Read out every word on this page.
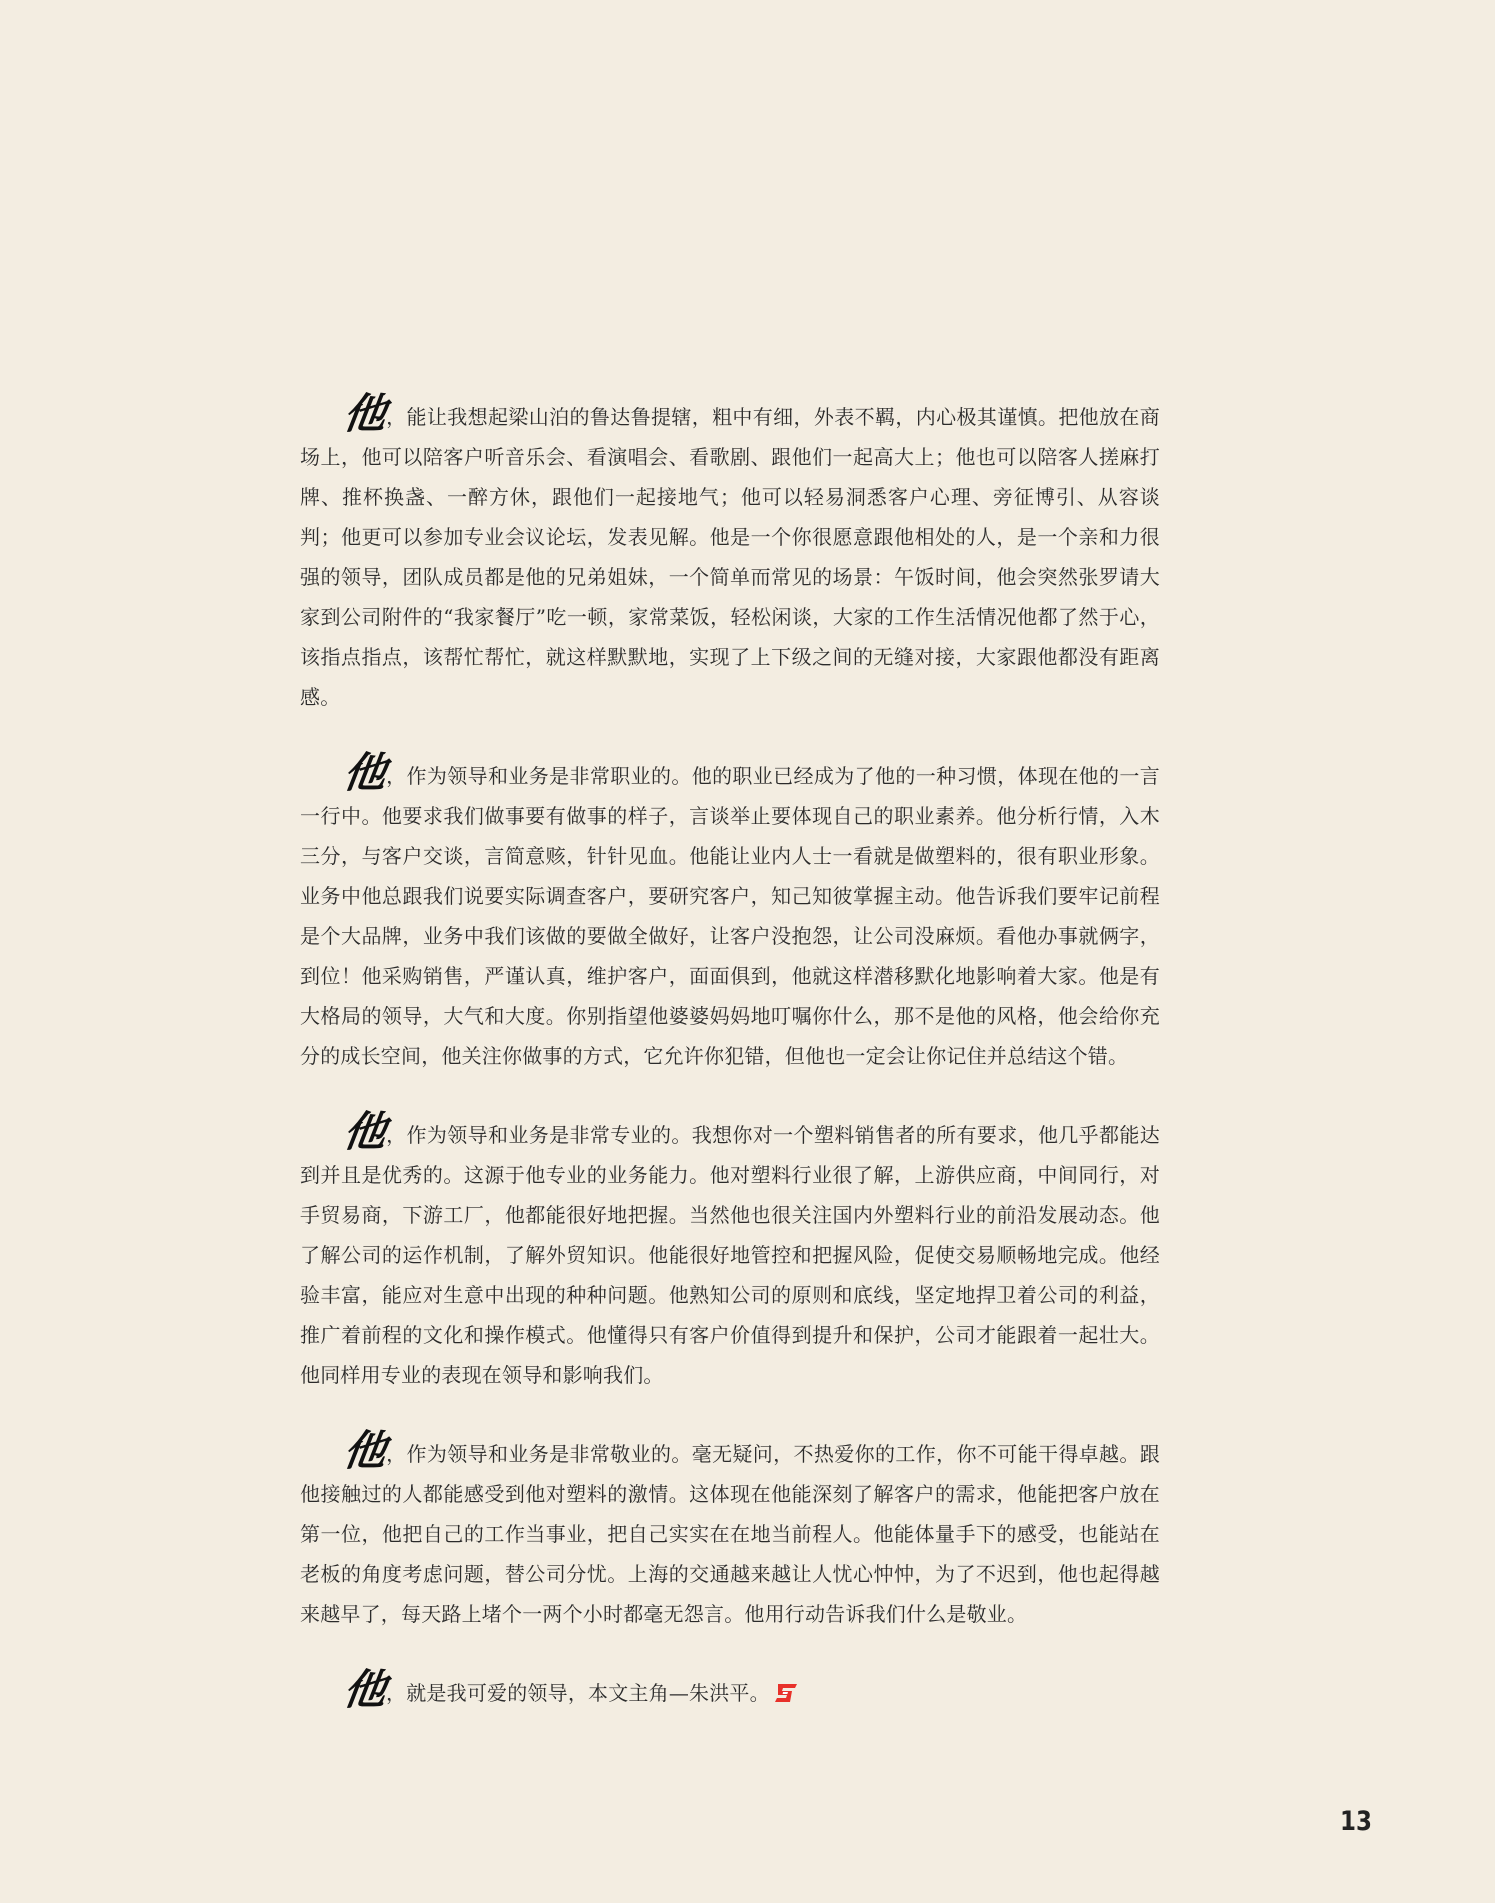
他，能让我想起梁山泊的鲁达鲁提辖，粗中有细，外表不羁，内心极其谨慎。把他放在商场上，他可以陪客户听音乐会、看演唱会、看歌剧、跟他们一起高大上；他也可以陪客人搓麻打牌、推杯换盏、一醉方休，跟他们一起接地气；他可以轻易洞悉客户心理、旁征博引、从容谈判；他更可以参加专业会议论坛，发表见解。他是一个你很愿意跟他相处的人，是一个亲和力很强的领导，团队成员都是他的兄弟姐妹，一个简单而常见的场景：午饭时间，他会突然张罗请大家到公司附件的“我家餐厅”吃一顿，家常菜饭，轻松闲谈，大家的工作生活情况他都了然于心，该指点指点，该帮忙帮忙，就这样默默地，实现了上下级之间的无缝对接，大家跟他都没有距离感。

他，作为领导和业务是非常职业的。他的职业已经成为了他的一种习惯，体现在他的一言一行中。他要求我们做事要有做事的样子，言谈举止要体现自己的职业素养。他分析行情，入木三分，与客户交谈，言简意赅，针针见血。他能让业内人士一看就是做塑料的，很有职业形象。业务中他总跟我们说要实际调查客户，要研究客户，知己知彼掌握主动。他告诉我们要牢记前程是个大品牌，业务中我们该做的要做全做好，让客户没抱怨，让公司没麻烦。看他办事就俩字，到位！他采购销售，严谨认真，维护客户，面面俱到，他就这样潜移默化地影响着大家。他是有大格局的领导，大气和大度。你别指望他婆婆妈妈地叮嘱你什么，那不是他的风格，他会给你充分的成长空间，他关注你做事的方式，它允许你犯错，但他也一定会让你记住并总结这个错。

他，作为领导和业务是非常专业的。我想你对一个塑料销售者的所有要求，他几乎都能达到并且是优秀的。这源于他专业的业务能力。他对塑料行业很了解，上游供应商，中间同行，对手贸易商，下游工厂，他都能很好地把握。当然他也很关注国内外塑料行业的前沿发展动态。他了解公司的运作机制，了解外贸知识。他能很好地管控和把握风险，促使交易顺畅地完成。他经验丰富，能应对生意中出现的种种问题。他熟知公司的原则和底线，坚定地捍卫着公司的利益，推广着前程的文化和操作模式。他懂得只有客户价值得到提升和保护，公司才能跟着一起壮大。他同样用专业的表现在领导和影响我们。

他，作为领导和业务是非常敬业的。毫无疑问，不热爱你的工作，你不可能干得卓越。跟他接触过的人都能感受到他对塑料的激情。这体现在他能深刻了解客户的需求，他能把客户放在第一位，他把自己的工作当事业，把自己实实在在地当前程人。他能体量手下的感受，也能站在老板的角度考虑问题，替公司分忧。上海的交通越来越让人忧心忡忡，为了不迟到，他也起得越来越早了，每天路上堵个一两个小时都毫无怨言。他用行动告诉我们什么是敬业。

他，就是我可爱的领导，本文主角—朱洪平。

13
